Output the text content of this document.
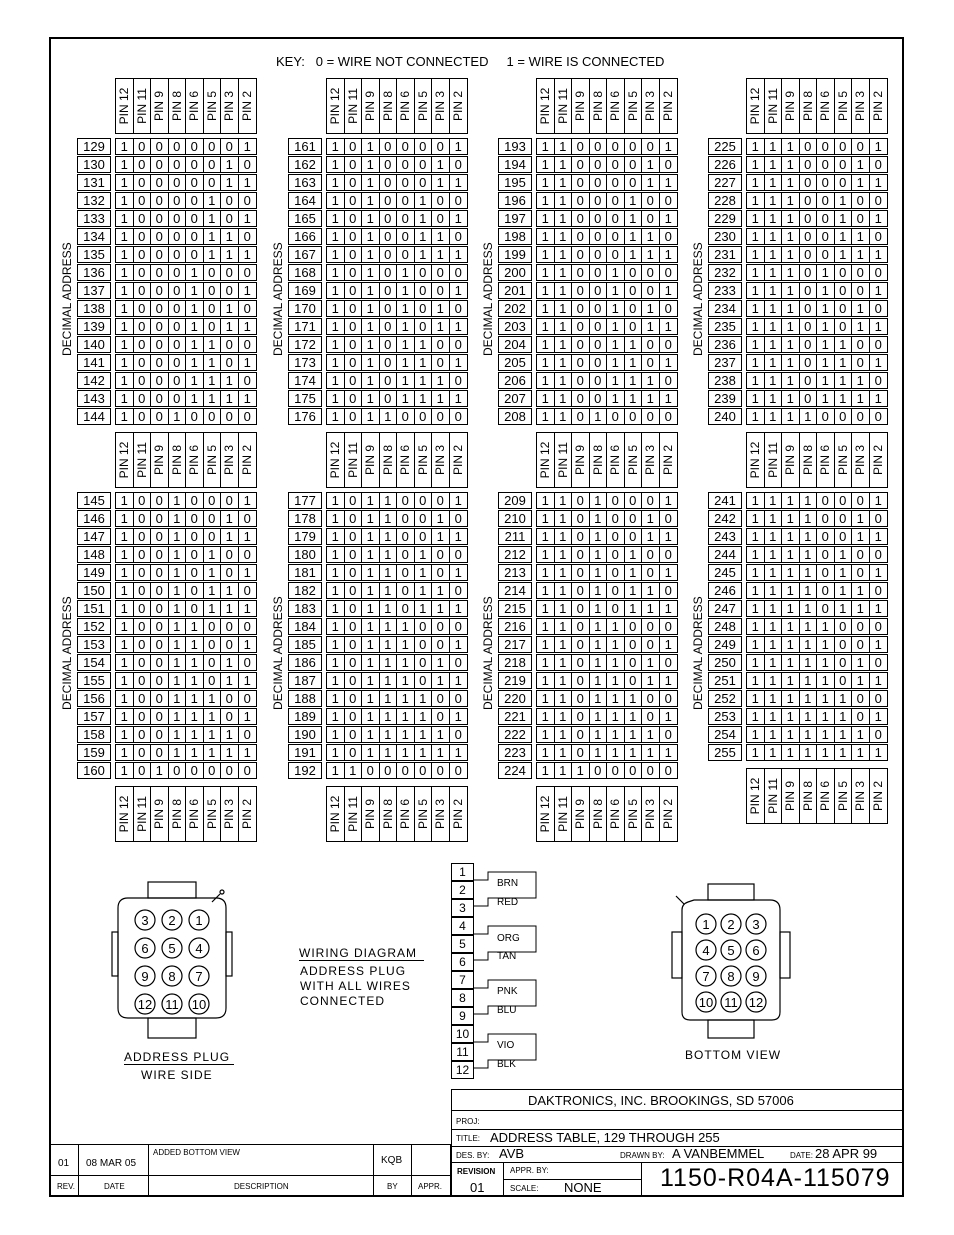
KEY:   0 = WIRE NOT CONNECTED     1 = WIRE IS CONNECTED
PIN 12 PIN 11 PIN 9 PIN 8 PIN 6 PIN 5 PIN 3 PIN 2
DECIMAL ADDRESS
129	1 0 0 0 0 0 0 1
130	1 0 0 0 0 0 1 0
131	1 0 0 0 0 0 1 1
132	1 0 0 0 0 1 0 0
133	1 0 0 0 0 1 0 1
134	1 0 0 0 0 1 1 0
135	1 0 0 0 0 1 1 1
136	1 0 0 0 1 0 0 0
137	1 0 0 0 1 0 0 1
138	1 0 0 0 1 0 1 0
139	1 0 0 0 1 0 1 1
140	1 0 0 0 1 1 0 0
141	1 0 0 0 1 1 0 1
142	1 0 0 0 1 1 1 0
143	1 0 0 0 1 1 1 1
144	1 0 0 1 0 0 0 0
PIN 12 PIN 11 PIN 9 PIN 8 PIN 6 PIN 5 PIN 3 PIN 2
DECIMAL ADDRESS
161	1 0 1 0 0 0 0 1
162	1 0 1 0 0 0 1 0
163	1 0 1 0 0 0 1 1
164	1 0 1 0 0 1 0 0
165	1 0 1 0 0 1 0 1
166	1 0 1 0 0 1 1 0
167	1 0 1 0 0 1 1 1
168	1 0 1 0 1 0 0 0
169	1 0 1 0 1 0 0 1
170	1 0 1 0 1 0 1 0
171	1 0 1 0 1 0 1 1
172	1 0 1 0 1 1 0 0
173	1 0 1 0 1 1 0 1
174	1 0 1 0 1 1 1 0
175	1 0 1 0 1 1 1 1
176	1 0 1 1 0 0 0 0
PIN 12 PIN 11 PIN 9 PIN 8 PIN 6 PIN 5 PIN 3 PIN 2
DECIMAL ADDRESS
193	1 1 0 0 0 0 0 1
194	1 1 0 0 0 0 1 0
195	1 1 0 0 0 0 1 1
196	1 1 0 0 0 1 0 0
197	1 1 0 0 0 1 0 1
198	1 1 0 0 0 1 1 0
199	1 1 0 0 0 1 1 1
200	1 1 0 0 1 0 0 0
201	1 1 0 0 1 0 0 1
202	1 1 0 0 1 0 1 0
203	1 1 0 0 1 0 1 1
204	1 1 0 0 1 1 0 0
205	1 1 0 0 1 1 0 1
206	1 1 0 0 1 1 1 0
207	1 1 0 0 1 1 1 1
208	1 1 0 1 0 0 0 0
PIN 12 PIN 11 PIN 9 PIN 8 PIN 6 PIN 5 PIN 3 PIN 2
DECIMAL ADDRESS
225	1 1 1 0 0 0 0 1
226	1 1 1 0 0 0 1 0
227	1 1 1 0 0 0 1 1
228	1 1 1 0 0 1 0 0
229	1 1 1 0 0 1 0 1
230	1 1 1 0 0 1 1 0
231	1 1 1 0 0 1 1 1
232	1 1 1 0 1 0 0 0
233	1 1 1 0 1 0 0 1
234	1 1 1 0 1 0 1 0
235	1 1 1 0 1 0 1 1
236	1 1 1 0 1 1 0 0
237	1 1 1 0 1 1 0 1
238	1 1 1 0 1 1 1 0
239	1 1 1 0 1 1 1 1
240	1 1 1 1 0 0 0 0
PIN 12 PIN 11 PIN 9 PIN 8 PIN 6 PIN 5 PIN 3 PIN 2
DECIMAL ADDRESS
145	1 0 0 1 0 0 0 1
146	1 0 0 1 0 0 1 0
147	1 0 0 1 0 0 1 1
148	1 0 0 1 0 1 0 0
149	1 0 0 1 0 1 0 1
150	1 0 0 1 0 1 1 0
151	1 0 0 1 0 1 1 1
152	1 0 0 1 1 0 0 0
153	1 0 0 1 1 0 0 1
154	1 0 0 1 1 0 1 0
155	1 0 0 1 1 0 1 1
156	1 0 0 1 1 1 0 0
157	1 0 0 1 1 1 0 1
158	1 0 0 1 1 1 1 0
159	1 0 0 1 1 1 1 1
160	1 0 1 0 0 0 0 0
PIN 12 PIN 11 PIN 9 PIN 8 PIN 6 PIN 5 PIN 3 PIN 2
DECIMAL ADDRESS
177	1 0 1 1 0 0 0 1
178	1 0 1 1 0 0 1 0
179	1 0 1 1 0 0 1 1
180	1 0 1 1 0 1 0 0
181	1 0 1 1 0 1 0 1
182	1 0 1 1 0 1 1 0
183	1 0 1 1 0 1 1 1
184	1 0 1 1 1 0 0 0
185	1 0 1 1 1 0 0 1
186	1 0 1 1 1 0 1 0
187	1 0 1 1 1 0 1 1
188	1 0 1 1 1 1 0 0
189	1 0 1 1 1 1 0 1
190	1 0 1 1 1 1 1 0
191	1 0 1 1 1 1 1 1
192	1 1 0 0 0 0 0 0
PIN 12 PIN 11 PIN 9 PIN 8 PIN 6 PIN 5 PIN 3 PIN 2
DECIMAL ADDRESS
209	1 1 0 1 0 0 0 1
210	1 1 0 1 0 0 1 0
211	1 1 0 1 0 0 1 1
212	1 1 0 1 0 1 0 0
213	1 1 0 1 0 1 0 1
214	1 1 0 1 0 1 1 0
215	1 1 0 1 0 1 1 1
216	1 1 0 1 1 0 0 0
217	1 1 0 1 1 0 0 1
218	1 1 0 1 1 0 1 0
219	1 1 0 1 1 0 1 1
220	1 1 0 1 1 1 0 0
221	1 1 0 1 1 1 0 1
222	1 1 0 1 1 1 1 0
223	1 1 0 1 1 1 1 1
224	1 1 1 0 0 0 0 0
PIN 12 PIN 11 PIN 9 PIN 8 PIN 6 PIN 5 PIN 3 PIN 2
DECIMAL ADDRESS
241	1 1 1 1 0 0 0 1
242	1 1 1 1 0 0 1 0
243	1 1 1 1 0 0 1 1
244	1 1 1 1 0 1 0 0
245	1 1 1 1 0 1 0 1
246	1 1 1 1 0 1 1 0
247	1 1 1 1 0 1 1 1
248	1 1 1 1 1 0 0 0
249	1 1 1 1 1 0 0 1
250	1 1 1 1 1 0 1 0
251	1 1 1 1 1 0 1 1
252	1 1 1 1 1 1 0 0
253	1 1 1 1 1 1 0 1
254	1 1 1 1 1 1 1 0
255	1 1 1 1 1 1 1 1
PIN 12 PIN 11 PIN 9 PIN 8 PIN 6 PIN 5 PIN 3 PIN 2	PIN 12 PIN 11 PIN 9 PIN 8 PIN 6 PIN 5 PIN 3 PIN 2	PIN 12 PIN 11 PIN 9 PIN 8 PIN 6 PIN 5 PIN 3 PIN 2	PIN 12 PIN 11 PIN 9 PIN 8 PIN 6 PIN 5 PIN 3 PIN 2
WIRING DIAGRAM
ADDRESS PLUG
WITH ALL WIRES
CONNECTED
1
2
3
4
5
6
7
8
9
10
11
12
BRN
RED
ORG
TAN
PNK
BLU
VIO
BLK
3 2 1
6 5 4
9 8 7
12 11 10
ADDRESS PLUG
WIRE SIDE
1 2 3
4 5 6
7 8 9
10 11 12
BOTTOM VIEW
DAKTRONICS, INC. BROOKINGS, SD 57006
PROJ:
TITLE: ADDRESS TABLE, 129 THROUGH 255
DES. BY: AVB	DRAWN BY: A VANBEMMEL	DATE: 28 APR 99
REVISION
01
APPR. BY:
SCALE: NONE 1150-R04A-115079
01 08 MAR 05
ADDED BOTTOM VIEW
KQB
REV.	DATE	DESCRIPTION	BY	APPR.
